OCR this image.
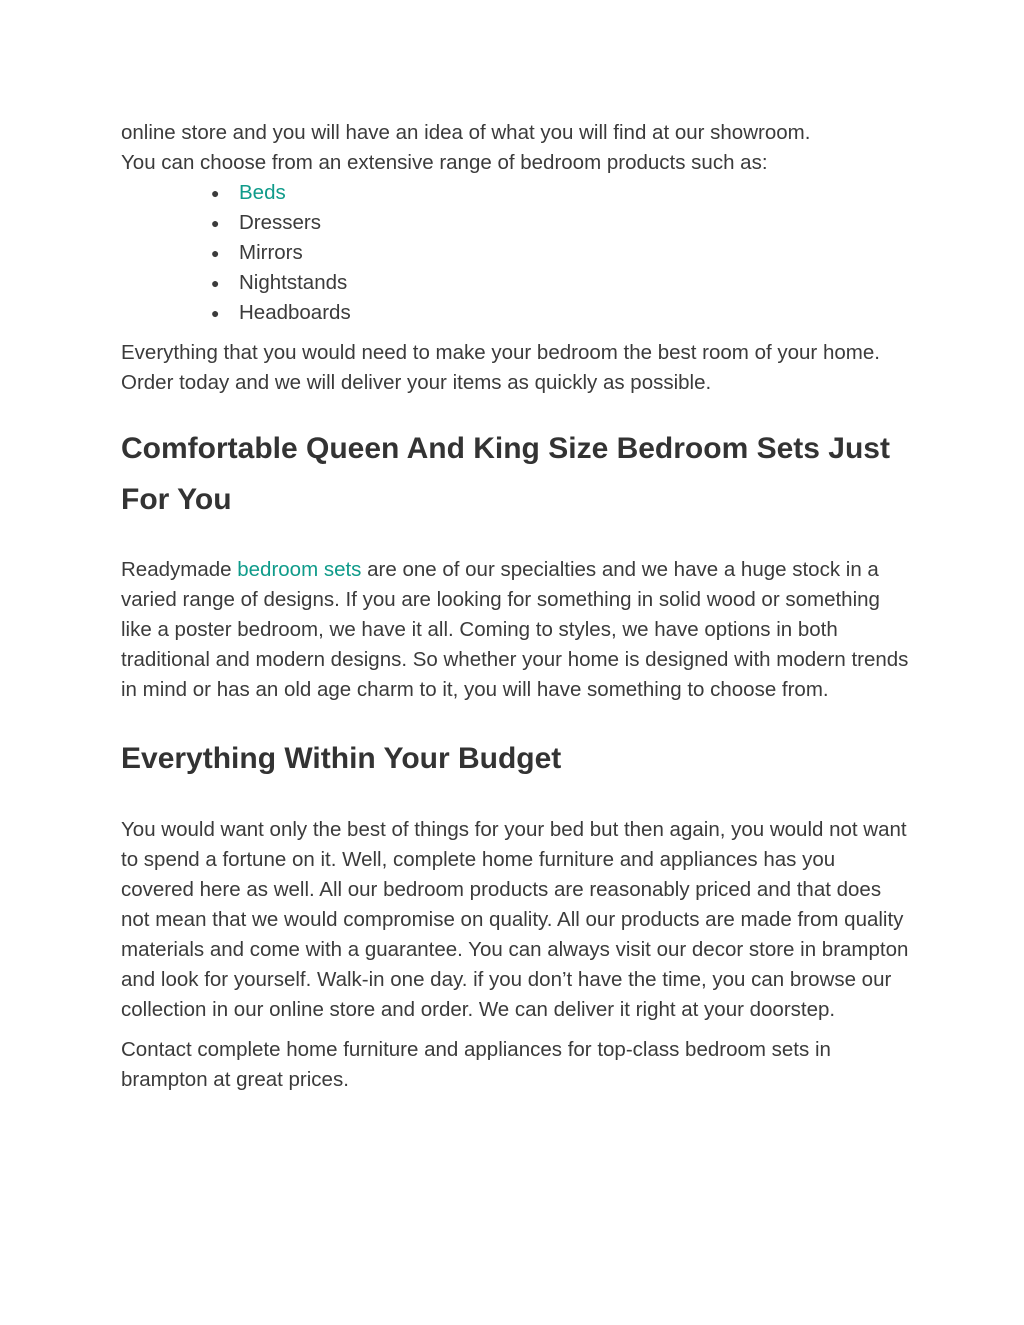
online store and you will have an idea of what you will find at our showroom.
You can choose from an extensive range of bedroom products such as:

● Beds
● Dressers
● Mirrors
● Nightstands
● Headboards

Everything that you would need to make your bedroom the best room of your home. Order today and we will deliver your items as quickly as possible.

Comfortable Queen And King Size Bedroom Sets Just For You

Readymade bedroom sets are one of our specialties and we have a huge stock in a varied range of designs. If you are looking for something in solid wood or something like a poster bedroom, we have it all. Coming to styles, we have options in both traditional and modern designs. So whether your home is designed with modern trends in mind or has an old age charm to it, you will have something to choose from.

Everything Within Your Budget

You would want only the best of things for your bed but then again, you would not want to spend a fortune on it. Well, complete home furniture and appliances has you covered here as well. All our bedroom products are reasonably priced and that does not mean that we would compromise on quality. All our products are made from quality materials and come with a guarantee. You can always visit our decor store in brampton and look for yourself. Walk-in one day. if you don’t have the time, you can browse our collection in our online store and order. We can deliver it right at your doorstep.

Contact complete home furniture and appliances for top-class bedroom sets in brampton at great prices.
